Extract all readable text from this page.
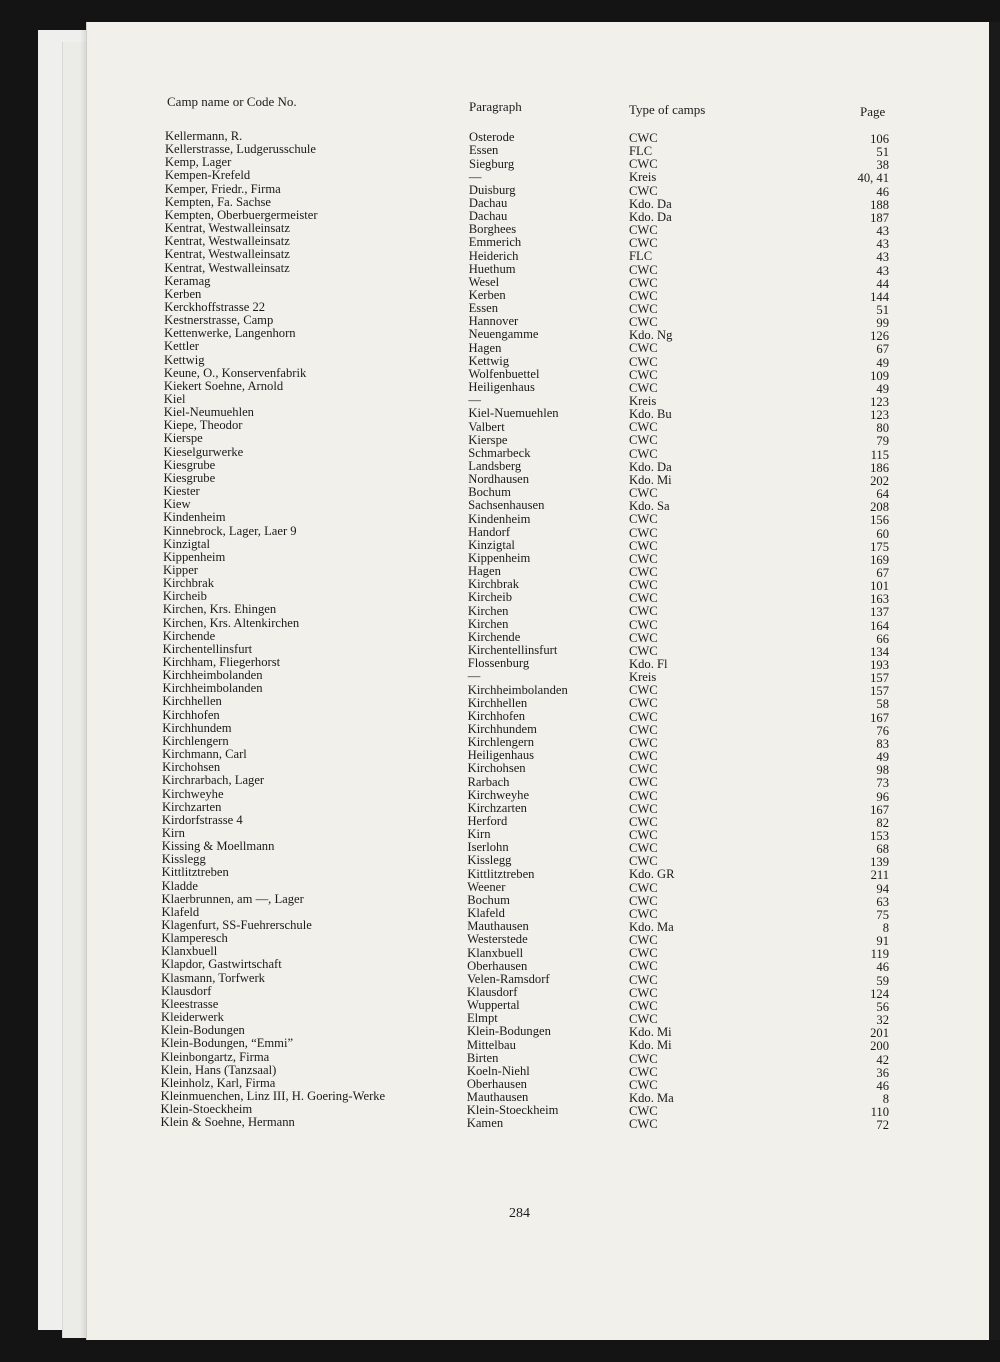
Camp name or Code No.	Paragraph	Type of camps	Page
Kellermann, R.	Osterode	CWC	106
Kellerstrasse, Ludgerusschule	Essen	FLC	51
Kemp, Lager	Siegburg	CWC	38
Kempen-Krefeld	—	Kreis	40, 41
Kemper, Friedr., Firma	Duisburg	CWC	46
Kempten, Fa. Sachse	Dachau	Kdo. Da	188
Kempten, Oberbuergermeister	Dachau	Kdo. Da	187
Kentrat, Westwalleinsatz	Borghees	CWC	43
Kentrat, Westwalleinsatz	Emmerich	CWC	43
Kentrat, Westwalleinsatz	Heiderich	FLC	43
Kentrat, Westwalleinsatz	Huethum	CWC	43
Keramag	Wesel	CWC	44
Kerben	Kerben	CWC	144
Kerckhoffstrasse 22	Essen	CWC	51
Kestnerstrasse, Camp	Hannover	CWC	99
Kettenwerke, Langenhorn	Neuengamme	Kdo. Ng	126
Kettler	Hagen	CWC	67
Kettwig	Kettwig	CWC	49
Keune, O., Konservenfabrik	Wolfenbuettel	CWC	109
Kiekert Soehne, Arnold	Heiligenhaus	CWC	49
Kiel	—	Kreis	123
Kiel-Neumuehlen	Kiel-Nuemuehlen	Kdo. Bu	123
Kiepe, Theodor	Valbert	CWC	80
Kierspe	Kierspe	CWC	79
Kieselgurwerke	Schmarbeck	CWC	115
Kiesgrube	Landsberg	Kdo. Da	186
Kiesgrube	Nordhausen	Kdo. Mi	202
Kiester	Bochum	CWC	64
Kiew	Sachsenhausen	Kdo. Sa	208
Kindenheim	Kindenheim	CWC	156
Kinnebrock, Lager, Laer 9	Handorf	CWC	60
Kinzigtal	Kinzigtal	CWC	175
Kippenheim	Kippenheim	CWC	169
Kipper	Hagen	CWC	67
Kirchbrak	Kirchbrak	CWC	101
Kircheib	Kircheib	CWC	163
Kirchen, Krs. Ehingen	Kirchen	CWC	137
Kirchen, Krs. Altenkirchen	Kirchen	CWC	164
Kirchende	Kirchende	CWC	66
Kirchentellinsfurt	Kirchentellinsfurt	CWC	134
Kirchham, Fliegerhorst	Flossenburg	Kdo. Fl	193
Kirchheimbolanden	—	Kreis	157
Kirchheimbolanden	Kirchheimbolanden	CWC	157
Kirchhellen	Kirchhellen	CWC	58
Kirchhofen	Kirchhofen	CWC	167
Kirchhundem	Kirchhundem	CWC	76
Kirchlengern	Kirchlengern	CWC	83
Kirchmann, Carl	Heiligenhaus	CWC	49
Kirchohsen	Kirchohsen	CWC	98
Kirchrarbach, Lager	Rarbach	CWC	73
Kirchweyhe	Kirchweyhe	CWC	96
Kirchzarten	Kirchzarten	CWC	167
Kirdorfstrasse 4	Herford	CWC	82
Kirn	Kirn	CWC	153
Kissing & Moellmann	Iserlohn	CWC	68
Kisslegg	Kisslegg	CWC	139
Kittlitztreben	Kittlitztreben	Kdo. GR	211
Kladde	Weener	CWC	94
Klaerbrunnen, am —, Lager	Bochum	CWC	63
Klafeld	Klafeld	CWC	75
Klagenfurt, SS-Fuehrerschule	Mauthausen	Kdo. Ma	8
Klamperesch	Westerstede	CWC	91
Klanxbuell	Klanxbuell	CWC	119
Klapdor, Gastwirtschaft	Oberhausen	CWC	46
Klasmann, Torfwerk	Velen-Ramsdorf	CWC	59
Klausdorf	Klausdorf	CWC	124
Kleestrasse	Wuppertal	CWC	56
Kleiderwerk	Elmpt	CWC	32
Klein-Bodungen	Klein-Bodungen	Kdo. Mi	201
Klein-Bodungen, “Emmi”	Mittelbau	Kdo. Mi	200
Kleinbongartz, Firma	Birten	CWC	42
Klein, Hans (Tanzsaal)	Koeln-Niehl	CWC	36
Kleinholz, Karl, Firma	Oberhausen	CWC	46
Kleinmuenchen, Linz III, H. Goering-Werke	Mauthausen	Kdo. Ma	8
Klein-Stoeckheim	Klein-Stoeckheim	CWC	110
Klein & Soehne, Hermann	Kamen	CWC	72
284
